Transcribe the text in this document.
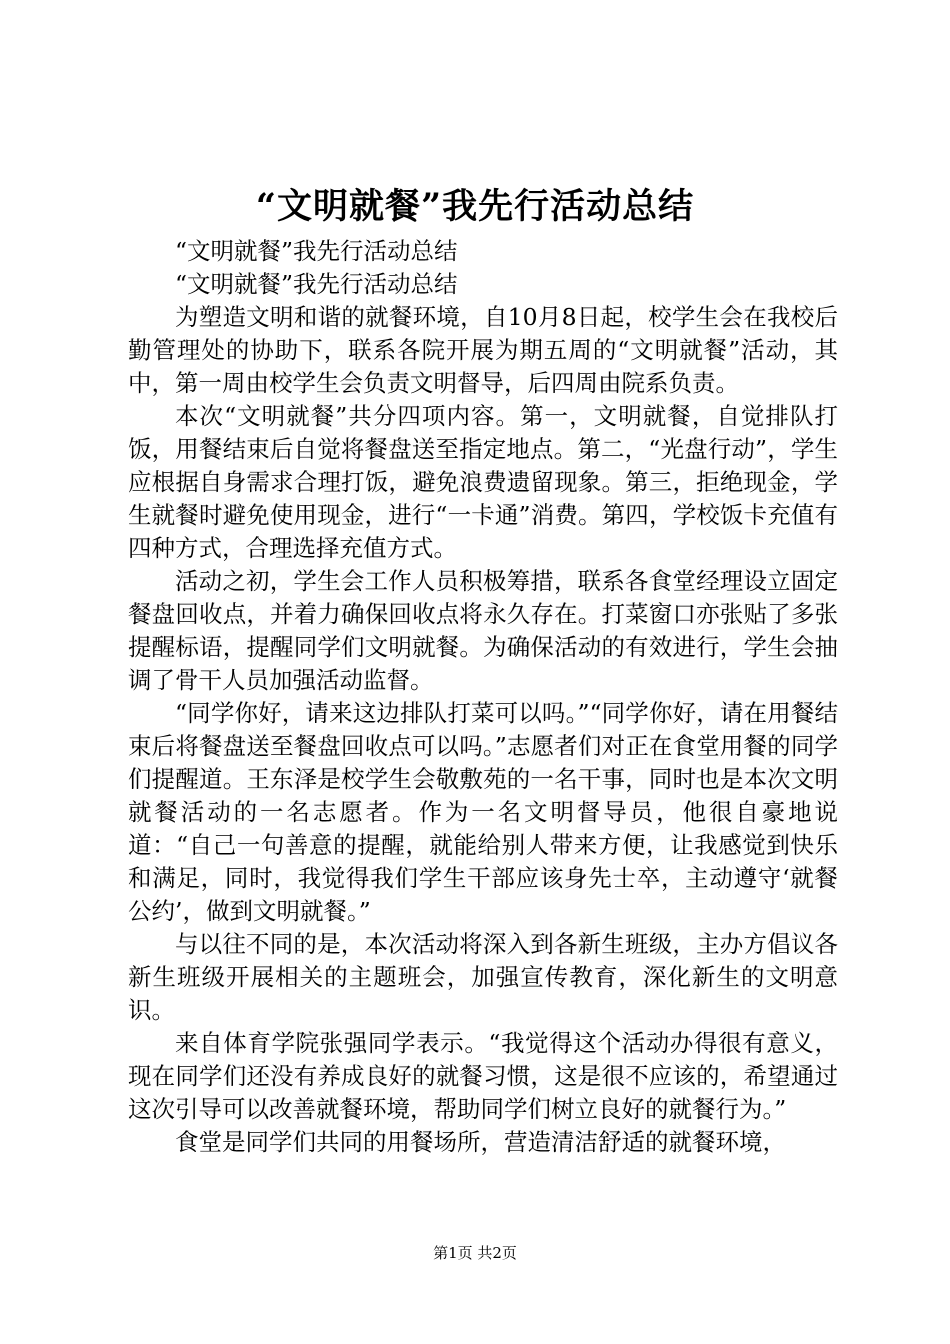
“文明就餐”我先行活动总结

“文明就餐”我先行活动总结

“文明就餐”我先行活动总结

为塑造文明和谐的就餐环境，自10月8日起，校学生会在我校后勤管理处的协助下，联系各院开展为期五周的“文明就餐”活动，其中，第一周由校学生会负责文明督导，后四周由院系负责。

本次“文明就餐”共分四项内容。第一，文明就餐，自觉排队打饭，用餐结束后自觉将餐盘送至指定地点。第二，“光盘行动”，学生应根据自身需求合理打饭，避免浪费遗留现象。第三，拒绝现金，学生就餐时避免使用现金，进行“一卡通”消费。第四，学校饭卡充值有四种方式，合理选择充值方式。

活动之初，学生会工作人员积极筹措，联系各食堂经理设立固定餐盘回收点，并着力确保回收点将永久存在。打菜窗口亦张贴了多张提醒标语，提醒同学们文明就餐。为确保活动的有效进行，学生会抽调了骨干人员加强活动监督。

“同学你好，请来这边排队打菜可以吗。”“同学你好，请在用餐结束后将餐盘送至餐盘回收点可以吗。”志愿者们对正在食堂用餐的同学们提醒道。王东泽是校学生会敬敷苑的一名干事，同时也是本次文明就餐活动的一名志愿者。作为一名文明督导员，他很自豪地说道：“自己一句善意的提醒，就能给别人带来方便，让我感觉到快乐和满足，同时，我觉得我们学生干部应该身先士卒，主动遵守‘就餐公约’，做到文明就餐。”

与以往不同的是，本次活动将深入到各新生班级，主办方倡议各新生班级开展相关的主题班会，加强宣传教育，深化新生的文明意识。

来自体育学院张强同学表示。“我觉得这个活动办得很有意义，现在同学们还没有养成良好的就餐习惯，这是很不应该的，希望通过这次引导可以改善就餐环境，帮助同学们树立良好的就餐行为。”

食堂是同学们共同的用餐场所，营造清洁舒适的就餐环境，

第1页 共2页
